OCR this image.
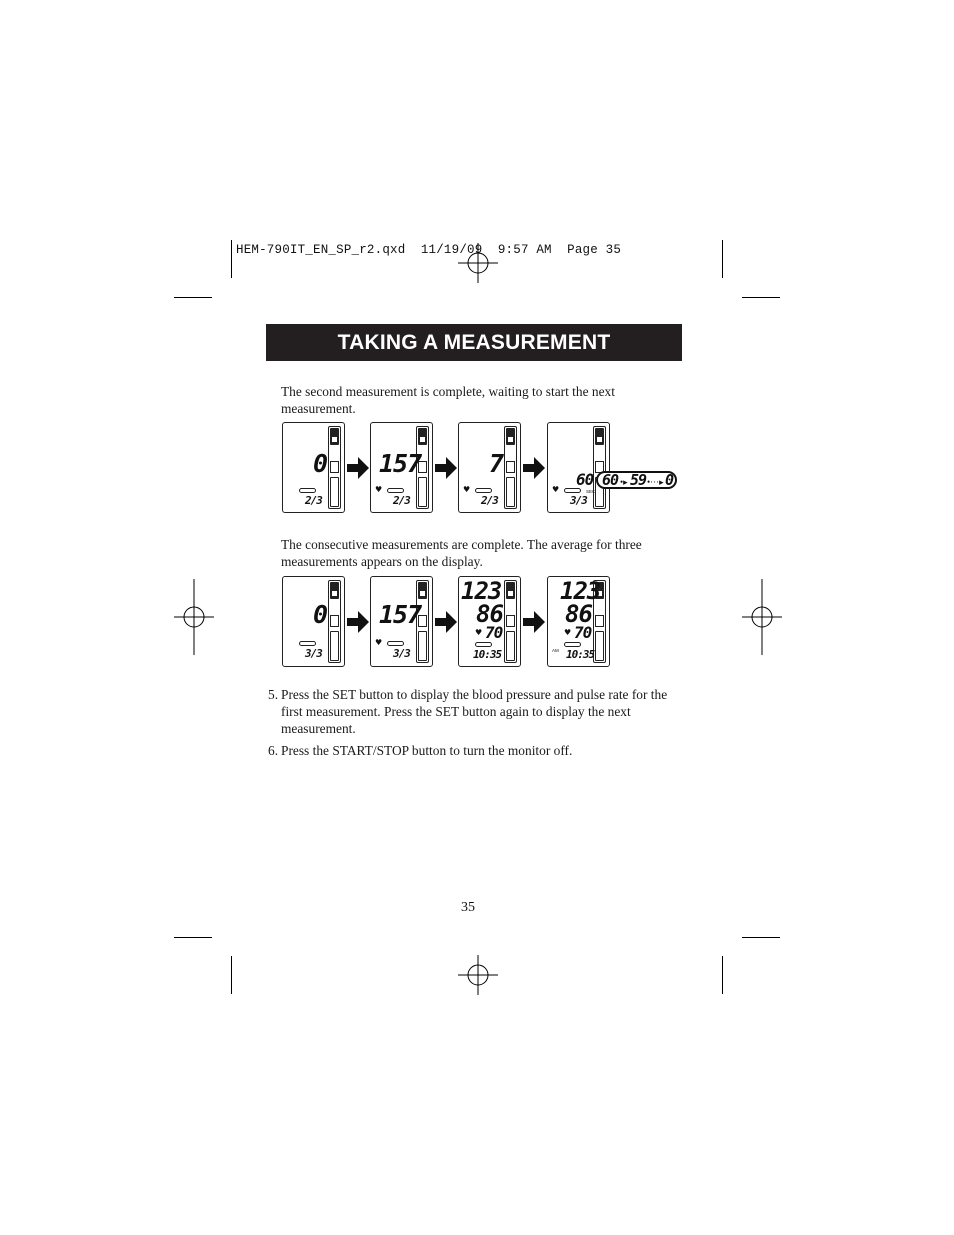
HEM-790IT_EN_SP_r2.qxd  11/19/09  9:57 AM  Page 35
TAKING A MEASUREMENT
The second measurement is complete, waiting to start the next measurement.
0
2/3
157
♥
2/3
7
♥
2/3
60
♥	SEC
3/3
60 •▸ 59 •···▸ 0
The consecutive measurements are complete. The average for three measurements appears on the display.
0
3/3
157
♥
3/3
123
86
♥ 70
10:35
123
86
♥ 70
AM 10:35
5. Press the SET button to display the blood pressure and pulse rate for the first measurement. Press the SET button again to display the next measurement.
6. Press the START/STOP button to turn the monitor off.
35
